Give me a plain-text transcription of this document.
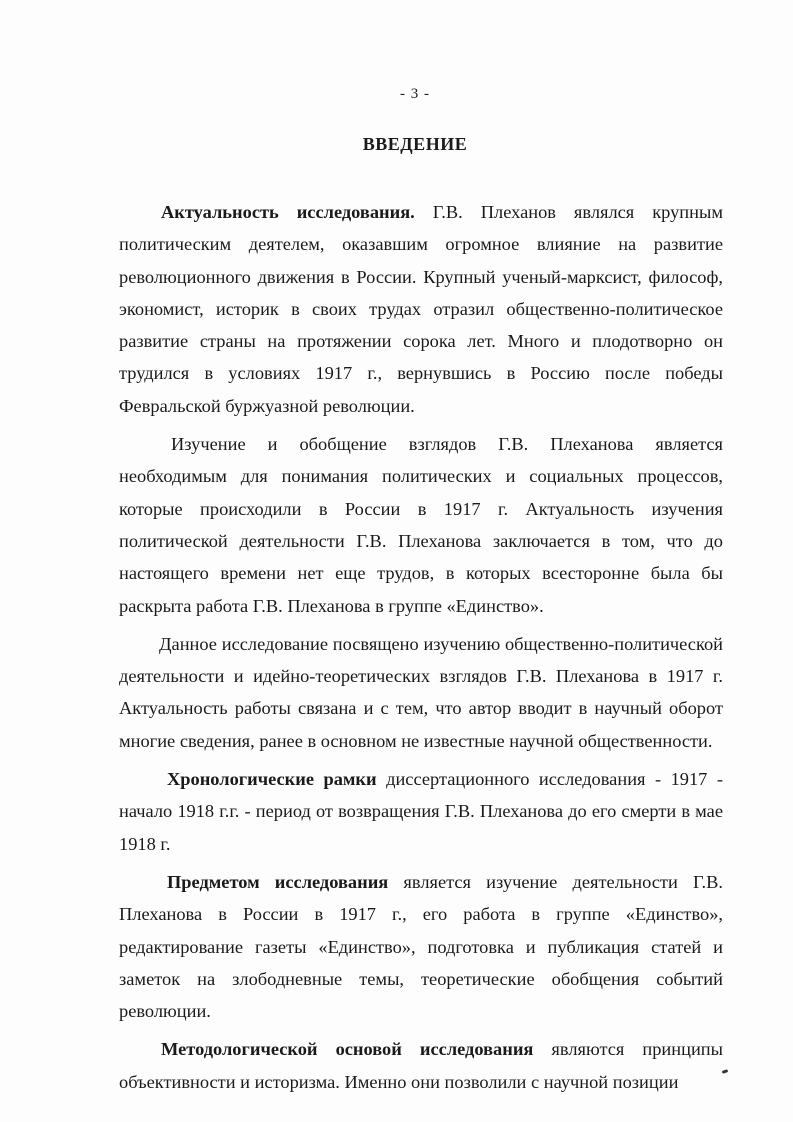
- 3 -
ВВЕДЕНИЕ

Актуальность исследования. Г.В. Плеханов являлся крупным политическим деятелем, оказавшим огромное влияние на развитие революционного движения в России. Крупный ученый-марксист, философ, экономист, историк в своих трудах отразил общественно-политическое развитие страны на протяжении сорока лет. Много и плодотворно он трудился в условиях 1917 г., вернувшись в Россию после победы Февральской буржуазной революции.

Изучение и обобщение взглядов Г.В. Плеханова является необходимым для понимания политических и социальных процессов, которые происходили в России в 1917 г. Актуальность изучения политической деятельности Г.В. Плеханова заключается в том, что до настоящего времени нет еще трудов, в которых всесторонне была бы раскрыта работа Г.В. Плеханова в группе «Единство».

Данное исследование посвящено изучению общественно-политической деятельности и идейно-теоретических взглядов Г.В. Плеханова в 1917 г. Актуальность работы связана и с тем, что автор вводит в научный оборот многие сведения, ранее в основном не известные научной общественности.

Хронологические рамки диссертационного исследования - 1917 - начало 1918 г.г. - период от возвращения Г.В. Плеханова до его смерти в мае 1918 г.

Предметом исследования является изучение деятельности Г.В. Плеханова в России в 1917 г., его работа в группе «Единство», редактирование газеты «Единство», подготовка и публикация статей и заметок на злободневные темы, теоретические обобщения событий революции.

Методологической основой исследования являются принципы объективности и историзма. Именно они позволили с научной позиции
